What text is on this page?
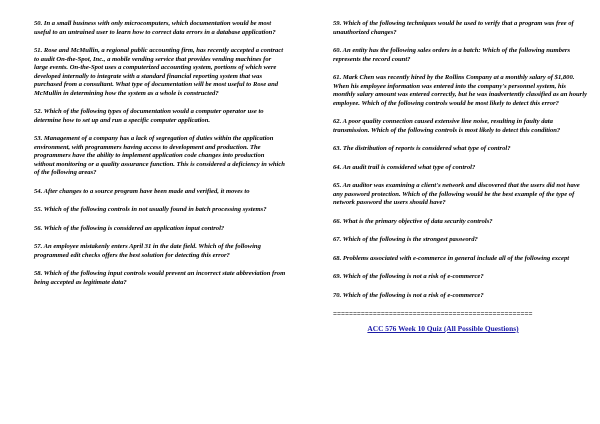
50. In a small business with only microcomputers, which documentation would be most useful to an untrained user to learn how to correct data errors in a database application?

51. Rose and McMullin, a regional public accounting firm, has recently accepted a contract to audit On-the-Spot, Inc., a mobile vending service that provides vending machines for large events. On-the-Spot uses a computerized accounting system, portions of which were developed internally to integrate with a standard financial reporting system that was purchased from a consultant. What type of documentation will be most useful to Rose and McMullin in determining how the system as a whole is constructed?

52. Which of the following types of documentation would a computer operator use to determine how to set up and run a specific computer application.

53. Management of a company has a lack of segregation of duties within the application environment, with programmers having access to development and production. The programmers have the ability to implement application code changes into production without monitoring or a quality assurance function. This is considered a deficiency in which of the following areas?

54. After changes to a source program have been made and verified, it moves to

55. Which of the following controls in not usually found in batch processing systems?

56. Which of the following is considered an application input control?

57. An employee mistakenly enters April 31 in the date field. Which of the following programmed edit checks offers the best solution for detecting this error?

58. Which of the following input controls would prevent an incorrect state abbreviation from being accepted as legitimate data?

59. Which of the following techniques would be used to verify that a program was free of unauthorized changes?

60. An entity has the following sales orders in a batch: Which of the following numbers represents the record count?

61. Mark Chen was recently hired by the Rollins Company at a monthly salary of $1,800. When his employee information was entered into the company's personnel system, his monthly salary amount was entered correctly, but he was inadvertently classified as an hourly employee. Which of the following controls would be most likely to detect this error?

62. A poor quality connection caused extensive line noise, resulting in faulty data transmission. Which of the following controls is most likely to detect this condition?

63. The distribution of reports is considered what type of control?

64. An audit trail is considered what type of control?

65. An auditor was examining a client's network and discovered that the users did not have any password protection. Which of the following would be the best example of the type of network password the users should have?

66. What is the primary objective of data security controls?

67. Which of the following is the strongest password?

68. Problems associated with e-commerce in general include all of the following except

69. Which of the following is not a risk of e-commerce?

70. Which of the following is not a risk of e-commerce?

==================================================
ACC 576 Week 10 Quiz (All Possible Questions)
